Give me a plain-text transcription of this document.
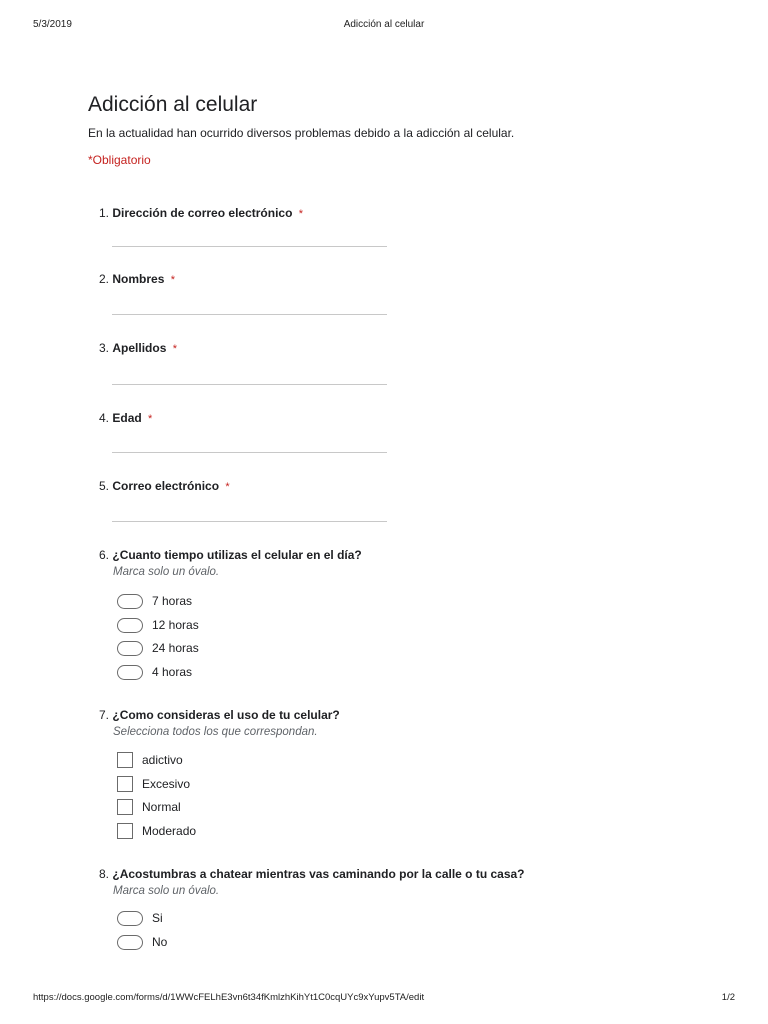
5/3/2019	Adicción al celular
Adicción al celular
En la actualidad han ocurrido diversos problemas debido a la adicción al celular.
*Obligatorio
1. Dirección de correo electrónico *
2. Nombres *
3. Apellidos *
4. Edad *
5. Correo electrónico *
6. ¿Cuanto tiempo utilizas el celular en el día?
Marca solo un óvalo.
7 horas
12 horas
24 horas
4 horas
7. ¿Como consideras el uso de tu celular?
Selecciona todos los que correspondan.
adictivo
Excesivo
Normal
Moderado
8. ¿Acostumbras a chatear mientras vas caminando por la calle o tu casa?
Marca solo un óvalo.
Si
No
https://docs.google.com/forms/d/1WWcFELhE3vn6t34fKmlzhKihYt1C0cqUYc9xYupv5TA/edit	1/2
